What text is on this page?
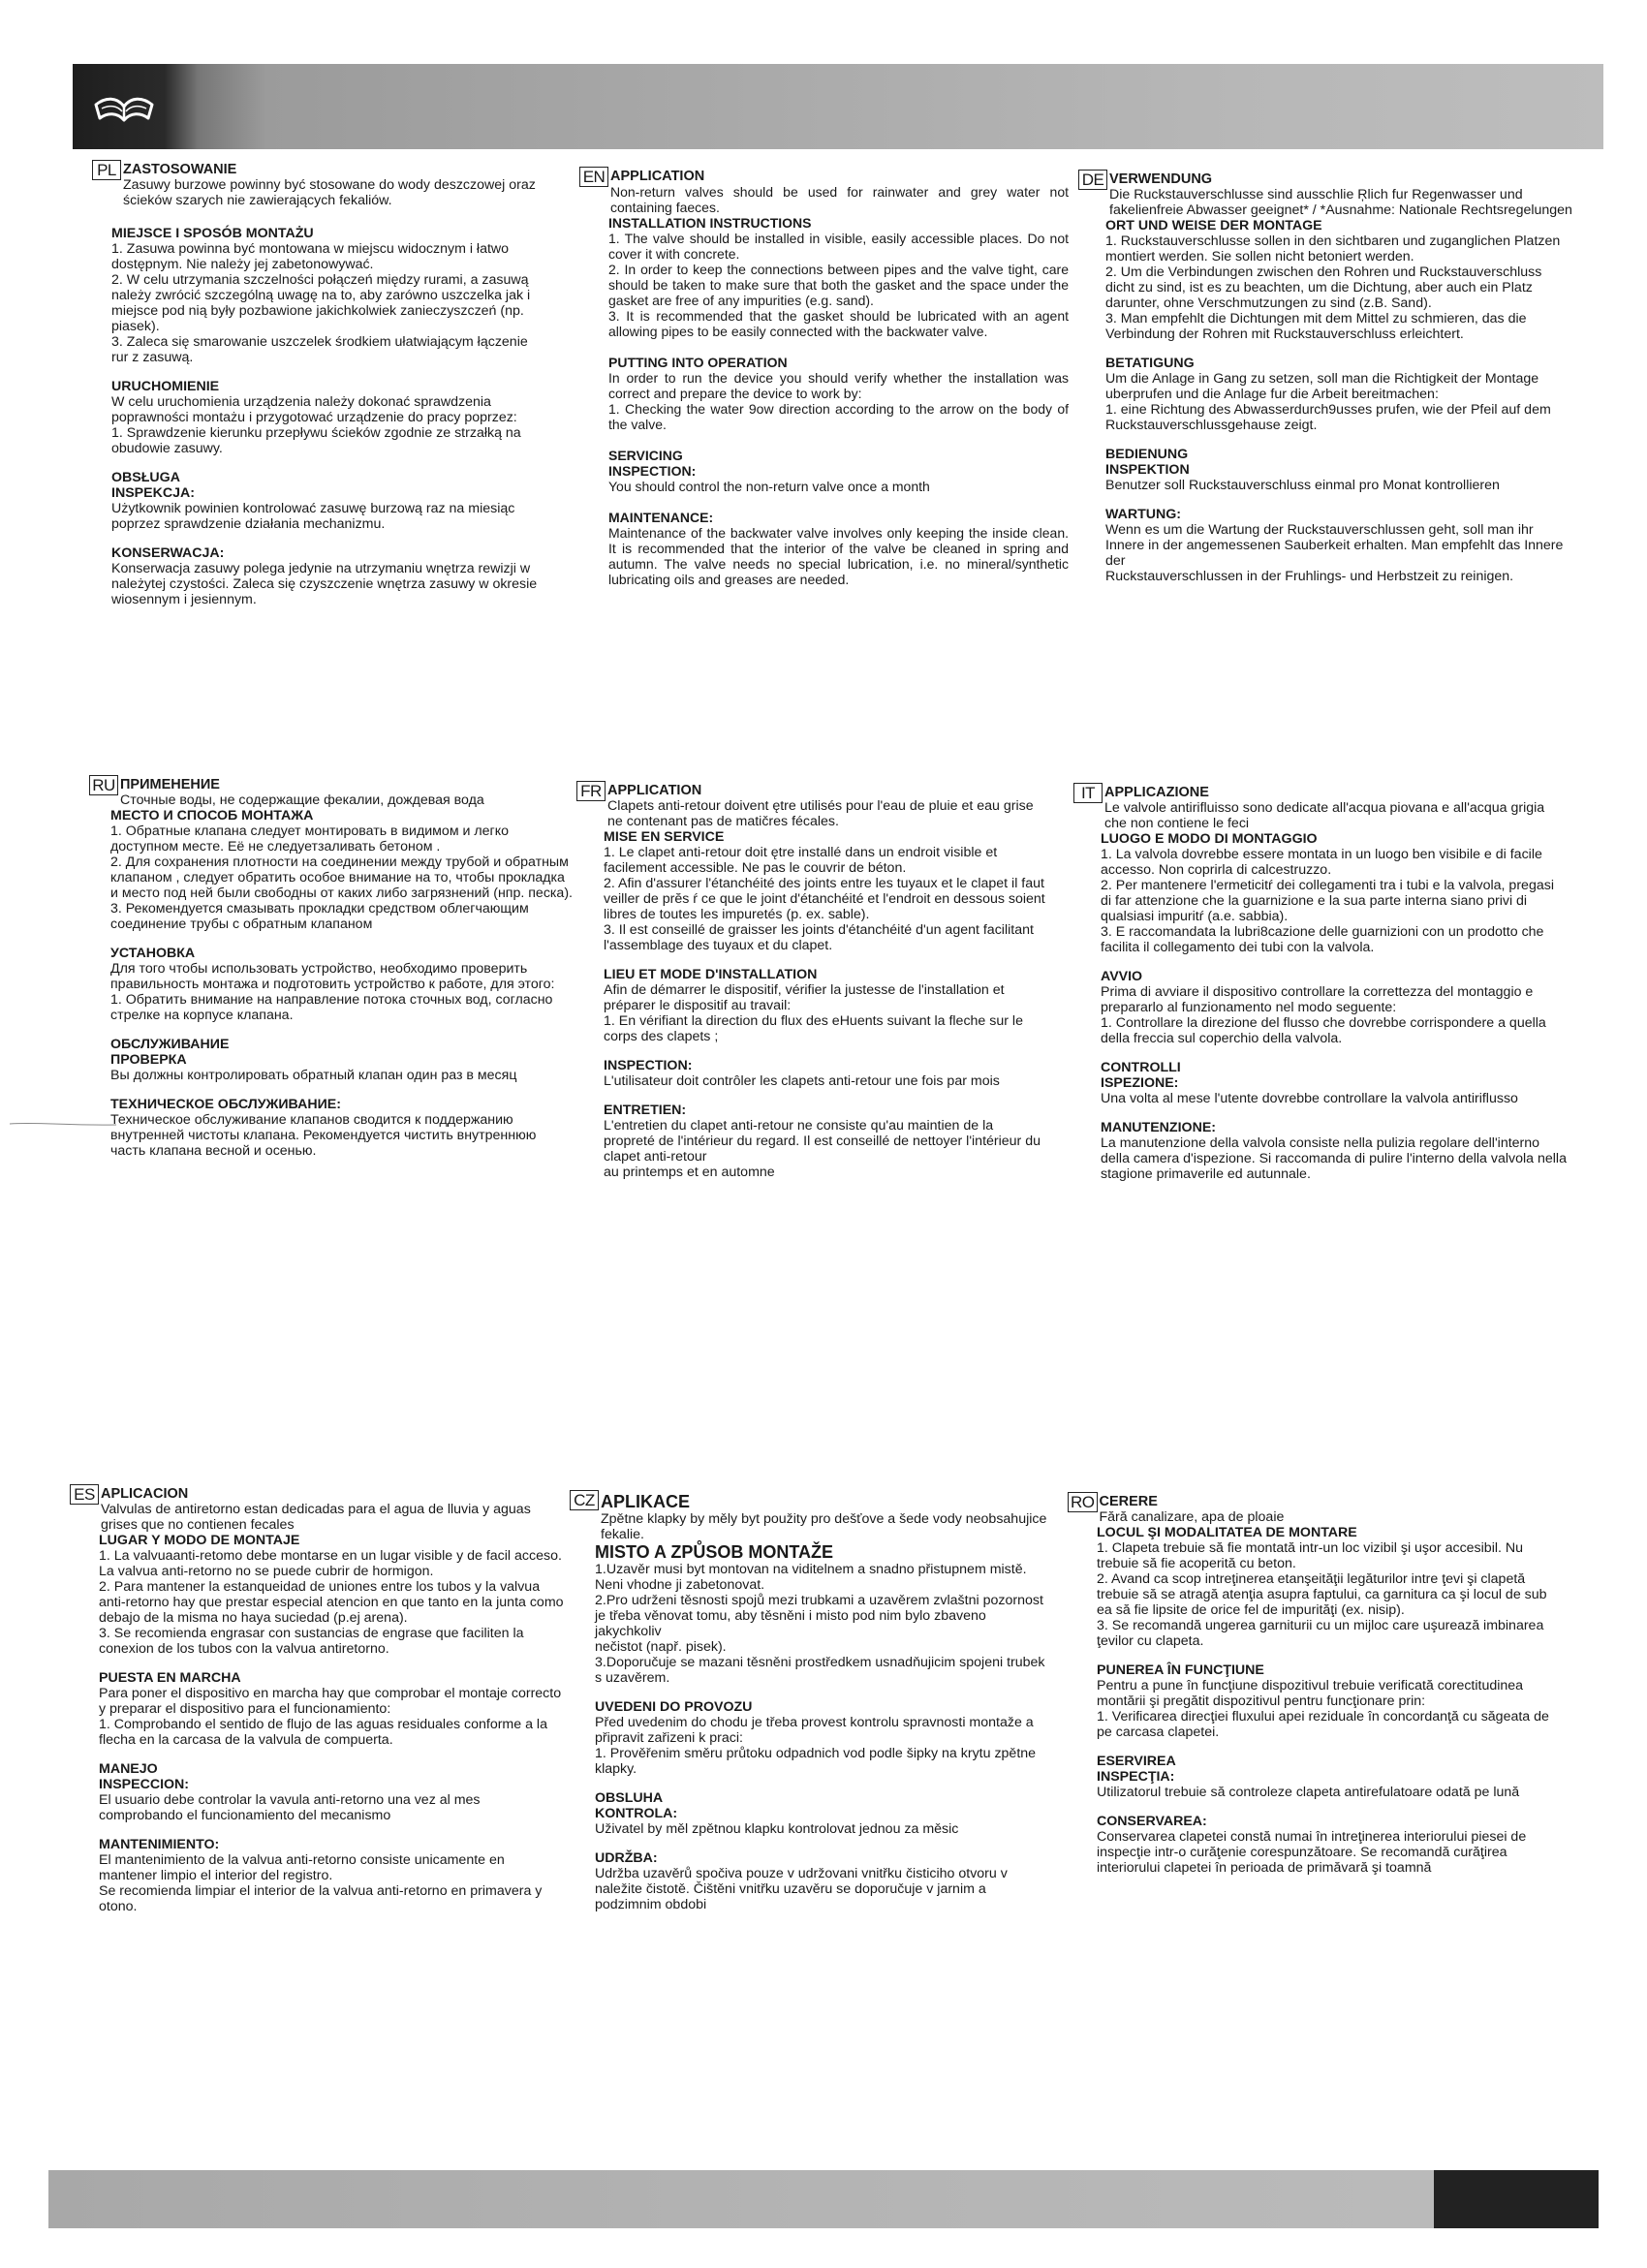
PL ZASTOSOWANIE

Zasuwy burzowe powinny być stosowane do wody deszczowej oraz ścieków szarych nie zawierających fekaliów.

MIEJSCE I SPOSÓB MONTAŻU

1. Zasuwa powinna być montowana w miejscu widocznym i łatwo dostępnym. Nie należy jej zabetonowywać.

2. W celu utrzymania szczelności połączeń między rurami, a zasuwą należy zwrócić szczególną uwagę na to, aby zarówno uszczelka jak i miejsce pod nią były pozbawione jakichkolwiek zanieczyszczeń (np. piasek).

3. Zaleca się smarowanie uszczelek środkiem ułatwiającym łączenie rur z zasuwą.

URUCHOMIENIE

W celu uruchomienia urządzenia należy dokonać sprawdzenia poprawności montażu i przygotować urządzenie do pracy poprzez:

1. Sprawdzenie kierunku przepływu ścieków zgodnie ze strzałką na obudowie zasuwy.

OBSŁUGA

INSPEKCJA:

Użytkownik powinien kontrolować zasuwę burzową raz na miesiąc poprzez sprawdzenie działania mechanizmu.

KONSERWACJA:

Konserwacja zasuwy polega jedynie na utrzymaniu wnętrza rewizji w należytej czystości. Zaleca się czyszczenie wnętrza zasuwy w okresie wiosennym i jesiennym.

EN APPLICATION

Non-return valves should be used for rainwater and grey water not containing faeces.

INSTALLATION INSTRUCTIONS

1. The valve should be installed in visible, easily accessible places. Do not cover it with concrete.

2. In order to keep the connections between pipes and the valve tight, care should be taken to make sure that both the gasket and the space under the gasket are free of any impurities (e.g. sand).

3. It is recommended that the gasket should be lubricated with an agent allowing pipes to be easily connected with the backwater valve.

PUTTING INTO OPERATION

In order to run the device you should verify whether the installation was correct and prepare the device to work by:

1. Checking the water 9ow direction according to the arrow on the body of the valve.

SERVICING

INSPECTION:

You should control the non-return valve once a month

MAINTENANCE:

Maintenance of the backwater valve involves only keeping the inside clean. It is recommended that the interior of the valve be cleaned in spring and autumn. The valve needs no special lubrication, i.e. no mineral/synthetic lubricating oils and greases are needed.

DE VERWENDUNG

Die Ruckstauverschlusse sind ausschlie Ŗlich fur Regenwasser und fakelienfreie Abwasser geeignet* / *Ausnahme: Nationale Rechtsregelungen

ORT UND WEISE DER MONTAGE

1. Ruckstauverschlusse sollen in den sichtbaren und zuganglichen Platzen montiert werden. Sie sollen nicht betoniert werden.

2. Um die Verbindungen zwischen den Rohren und Ruckstauverschluss dicht zu sind, ist es zu beachten, um die Dichtung, aber auch ein Platz

darunter, ohne Verschmutzungen zu sind (z.B. Sand).

3. Man empfehlt die Dichtungen mit dem Mittel zu schmieren, das die Verbindung der Rohren mit Ruckstauverschluss erleichtert.

BETATIGUNG

Um die Anlage in Gang zu setzen, soll man die Richtigkeit der Montage uberprufen und die Anlage fur die Arbeit bereitmachen:

1. eine Richtung des Abwasserdurch9usses prufen, wie der Pfeil auf dem Ruckstauverschlussgehause zeigt.

BEDIENUNG

INSPEKTION

Benutzer soll Ruckstauverschluss einmal pro Monat kontrollieren

WARTUNG:

Wenn es um die Wartung der Ruckstauverschlussen geht, soll man ihr Innere in der angemessenen Sauberkeit erhalten. Man empfehlt das Innere der

Ruckstauverschlussen in der Fruhlings- und Herbstzeit zu reinigen.

RU ПРИМЕНЕНИЕ

Сточные воды, не содержащие фекалии, дождевая вода

МЕСТО И СПОСОБ МОНТАЖА

1. Обратные клапана следует монтировать в видимом и легко доступном месте. Её не следуетзаливать бетоном .

2. Для сохранения плотности на соединении между трубой и обратным клапаном , следует обратить особое внимание на то, чтобы прокладка и место под ней были свободны от каких либо загрязнений (нпр. песка).

3. Рекомендуется смазывать прокладки средством облегчающим соединение трубы с обратным клапаном

УСТАНОВКА

Для того чтобы использовать устройство, необходимо проверить правильность монтажа и подготовить устройство к работе, для этого:

1. Обратить внимание на направление потока сточных вод, согласно стрелке на корпусе клапана.

ОБСЛУЖИВАНИЕ

ПРОВЕРКА

Вы должны контролировать обратный клапан один раз в месяц

ТЕХНИЧЕСКОЕ ОБСЛУЖИВАНИЕ:

Техническое обслуживание клапанов сводится к поддержанию внутренней чистоты клапана. Рекомендуется чистить внутреннюю часть клапана весной и осенью.

FR APPLICATION

Clapets anti-retour doivent ętre utilisés pour l'eau de pluie et eau grise ne contenant pas de matičres fécales.

MISE EN SERVICE

1. Le clapet anti-retour doit ętre installé dans un endroit visible et facilement accessible. Ne pas le couvrir de béton.

2. Afin d'assurer l'étanchéité des joints entre les tuyaux et le clapet il faut veiller de prĕs ŕ ce que le joint d'étanchéité et l'endroit en dessous soient libres de toutes les impuretés (p. ex. sable).

3. Il est conseillé de graisser les joints d'étanchéité d'un agent facilitant l'assemblage des tuyaux et du clapet.

LIEU ET MODE D'INSTALLATION

Afin de démarrer le dispositif, vérifier la justesse de l'installation et préparer le dispositif au travail:

1. En vérifiant la direction du flux des eHuents suivant la fleche sur le corps des clapets ;

INSPECTION:

L'utilisateur doit contrôler les clapets anti-retour une fois par mois

ENTRETIEN:

L'entretien du clapet anti-retour ne consiste qu'au maintien de la propreté de l'intérieur du regard. Il est conseillé de nettoyer l'intérieur du clapet anti-retour

au printemps et en automne

IT APPLICAZIONE

Le valvole antirifluisso sono dedicate all'acqua piovana e all'acqua grigia che non contiene le feci

LUOGO E MODO DI MONTAGGIO

1. La valvola dovrebbe essere montata in un luogo ben visibile e di facile accesso. Non coprirla di calcestruzzo.

2. Per mantenere l'ermeticitŕ dei collegamenti tra i tubi e la valvola, pregasi di far attenzione che la guarnizione e la sua parte interna siano privi di qualsiasi impuritŕ (a.e. sabbia).

3. E raccomandata la lubri8cazione delle guarnizioni con un prodotto che facilita il collegamento dei tubi con la valvola.

AVVIO

Prima di avviare il dispositivo controllare la correttezza del montaggio e prepararlo al funzionamento nel modo seguente:

1. Controllare la direzione del flusso che dovrebbe corrispondere a quella della freccia sul coperchio della valvola.

CONTROLLI

ISPEZIONE:

Una volta al mese l'utente dovrebbe controllare la valvola antiriflusso

MANUTENZIONE:

La manutenzione della valvola consiste nella pulizia regolare dell'interno della camera d'ispezione. Si raccomanda di pulire l'interno della valvola nella stagione primaverile ed autunnale.

ES APLICACION

Valvulas de antiretorno estan dedicadas para el agua de lluvia y aguas grises que no contienen fecales

LUGAR Y MODO DE MONTAJE

1. La valvuaanti-retomo debe montarse en un lugar visible y de facil acceso. La valvua anti-retorno no se puede cubrir de hormigon.

2. Para mantener la estanqueidad de uniones entre los tubos y la valvua anti-retorno hay que prestar especial atencion en que tanto en la junta como

debajo de la misma no haya suciedad (p.ej arena).

3. Se recomienda engrasar con sustancias de engrase que faciliten la conexion de los tubos con la valvua antiretorno.

PUESTA EN MARCHA

Para poner el dispositivo en marcha hay que comprobar el montaje correcto y preparar el dispositivo para el funcionamiento:

1. Comprobando el sentido de flujo de las aguas residuales conforme a la flecha en la carcasa de la valvula de compuerta.

MANEJO

INSPECCION:

El usuario debe controlar la vavula anti-retorno una vez al mes comprobando el funcionamiento del mecanismo

MANTENIMIENTO:

El mantenimiento de la valvua anti-retorno consiste unicamente en mantener limpio el interior del registro.

Se recomienda limpiar el interior de la valvua anti-retorno en primavera y otono.

CZ APLIKACE

Zpětne klapky by měly byt použity pro dešťove a šede vody neobsahujice fekalie.

MISTO A ZPŮSOB MONTAŽE

1.Uzavěr musi byt montovan na viditelnem a snadno přistupnem mistě. Neni vhodne ji zabetonovat.

2.Pro udrženi těsnosti spojů mezi trubkami a uzavěrem zvlaštni pozornost je třeba věnovat tomu, aby těsněni i misto pod nim bylo zbaveno jakychkoliv

nečistot (např. pisek).

3.Doporučuje se mazani těsněni prostředkem usnadňujicim spojeni trubek s uzavěrem.

UVEDENI DO PROVOZU

Před uvedenim do chodu je třeba provest kontrolu spravnosti montaže a připravit zařizeni k praci:

1. Prověřenim směru průtoku odpadnich vod podle šipky na krytu zpětne klapky.

OBSLUHA

KONTROLA:

Uživatel by měl zpětnou klapku kontrolovat jednou za měsic

UDRŽBA:

Udržba uzavěrů spočiva pouze v udržovani vnitřku čisticiho otvoru v naležite čistotě. Čištěni vnitřku uzavěru se doporučuje v jarnim a podzimnim obdobi

RO CERERE

Fără canalizare, apa de ploaie

LOCUL ŞI MODALITATEA DE MONTARE

1. Clapeta trebuie să fie montată intr-un loc vizibil şi uşor accesibil. Nu trebuie să fie acoperită cu beton.

2. Avand ca scop intreţinerea etanşeităţii legăturilor intre ţevi şi clapetă trebuie să se atragă atenţia asupra faptului, ca garnitura ca şi locul de sub

ea să fie lipsite de orice fel de impurităţi (ex. nisip).

3. Se recomandă ungerea garniturii cu un mijloc care uşurează imbinarea ţevilor cu clapeta.

PUNEREA ÎN FUNCŢIUNE

Pentru a pune în funcţiune dispozitivul trebuie verificată corectitudinea montării şi pregătit dispozitivul pentru funcţionare prin:

1. Verificarea direcţiei fluxului apei reziduale în concordanţă cu săgeata de pe carcasa clapetei.

ESERVIREA

INSPECŢIA:

Utilizatorul trebuie să controleze clapeta antirefulatoare odată pe lună

CONSERVAREA:

Conservarea clapetei constă numai în intreţinerea interiorului piesei de inspecţie intr-o curăţenie corespunzătoare. Se recomandă curăţirea interiorului clapetei în perioada de primăvară şi toamnă
